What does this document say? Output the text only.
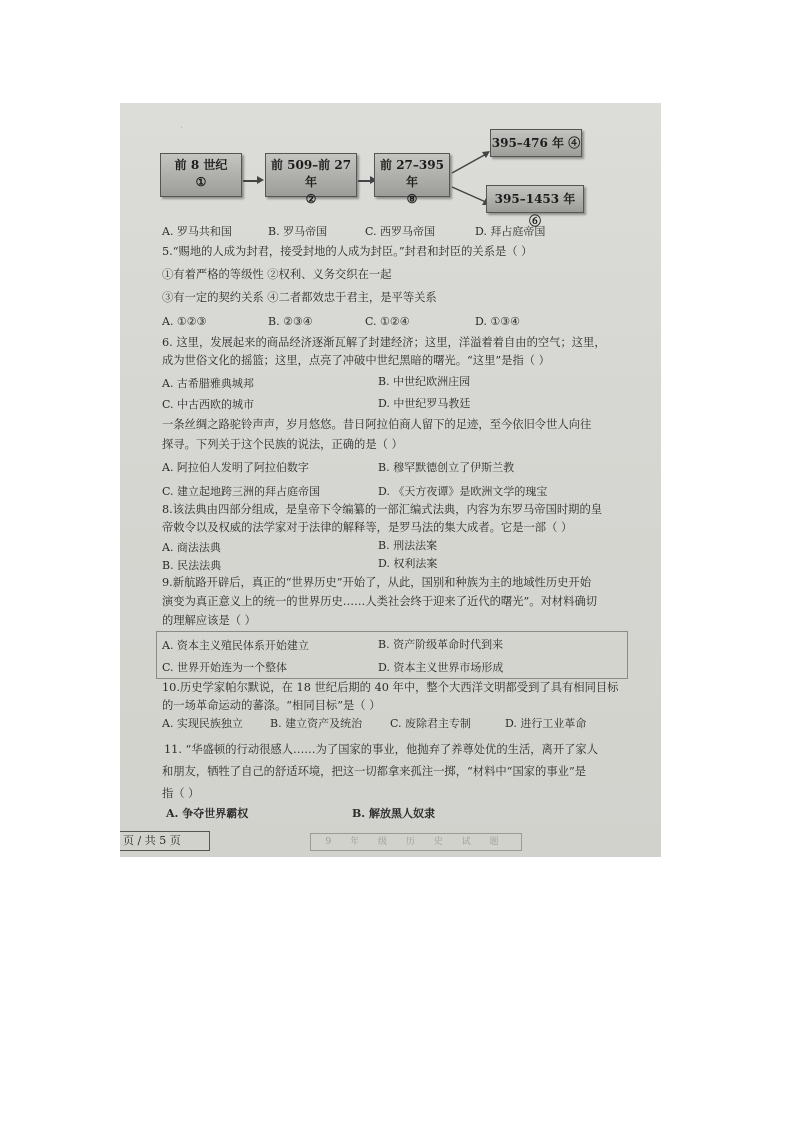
·
前 8 世纪
①
前 509–前 27 年
②
前 27–395 年
⑧
395–476 年 ④
395–1453 年 ⑥
A. 罗马共和国	B. 罗马帝国	C. 西罗马帝国	D. 拜占庭帝国
5.“赐地的人成为封君，接受封地的人成为封臣。”封君和封臣的关系是（ ）
①有着严格的等级性 ②权利、义务交织在一起
③有一定的契约关系 ④二者都效忠于君主，是平等关系
A. ①②③	B. ②③④	C. ①②④	D. ①③④
6. 这里，发展起来的商品经济逐渐瓦解了封建经济；这里，洋溢着着自由的空气；这里，
成为世俗文化的摇篮；这里，点亮了冲破中世纪黑暗的曙光。“这里”是指（ ）
A. 古希腊雅典城邦	B. 中世纪欧洲庄园
C. 中古西欧的城市	D. 中世纪罗马教廷
一条丝绸之路驼铃声声，岁月悠悠。昔日阿拉伯商人留下的足迹，至今依旧令世人向往
探寻。下列关于这个民族的说法，正确的是（ ）
A. 阿拉伯人发明了阿拉伯数字	B. 穆罕默德创立了伊斯兰教
C. 建立起地跨三洲的拜占庭帝国	D. 《天方夜谭》是欧洲文学的瑰宝
8.该法典由四部分组成，是皇帝下令编纂的一部汇编式法典，内容为东罗马帝国时期的皇
帝敕令以及权威的法学家对于法律的解释等，是罗马法的集大成者。它是一部（ ）
A. 商法法典	B. 刑法法案
B. 民法法典	D. 权利法案
9.新航路开辟后，真正的“世界历史”开始了，从此，国别和种族为主的地域性历史开始
演变为真正意义上的统一的世界历史……人类社会终于迎来了近代的曙光”。对材料确切
的理解应该是（ ）
A. 资本主义殖民体系开始建立	B. 资产阶级革命时代到来
C. 世界开始连为一个整体	D. 资本主义世界市场形成
10.历史学家帕尔默说，在 18 世纪后期的 40 年中，整个大西洋文明都受到了具有相同目标
的一场革命运动的蕃涤。“相同目标”是（ ）
A. 实现民族独立 B. 建立资产及统治	C. 废除君主专制	D. 进行工业革命
11. “华盛顿的行动很感人……为了国家的事业，他抛弃了养尊处优的生活，离开了家人
和朋友，牺牲了自己的舒适环境，把这一切都拿来孤注一掷，“材料中“国家的事业”是
指（ ）
A. 争夺世界霸权	B. 解放黑人奴隶
页 / 共 5 页	9 年 级 历 史 试 题
